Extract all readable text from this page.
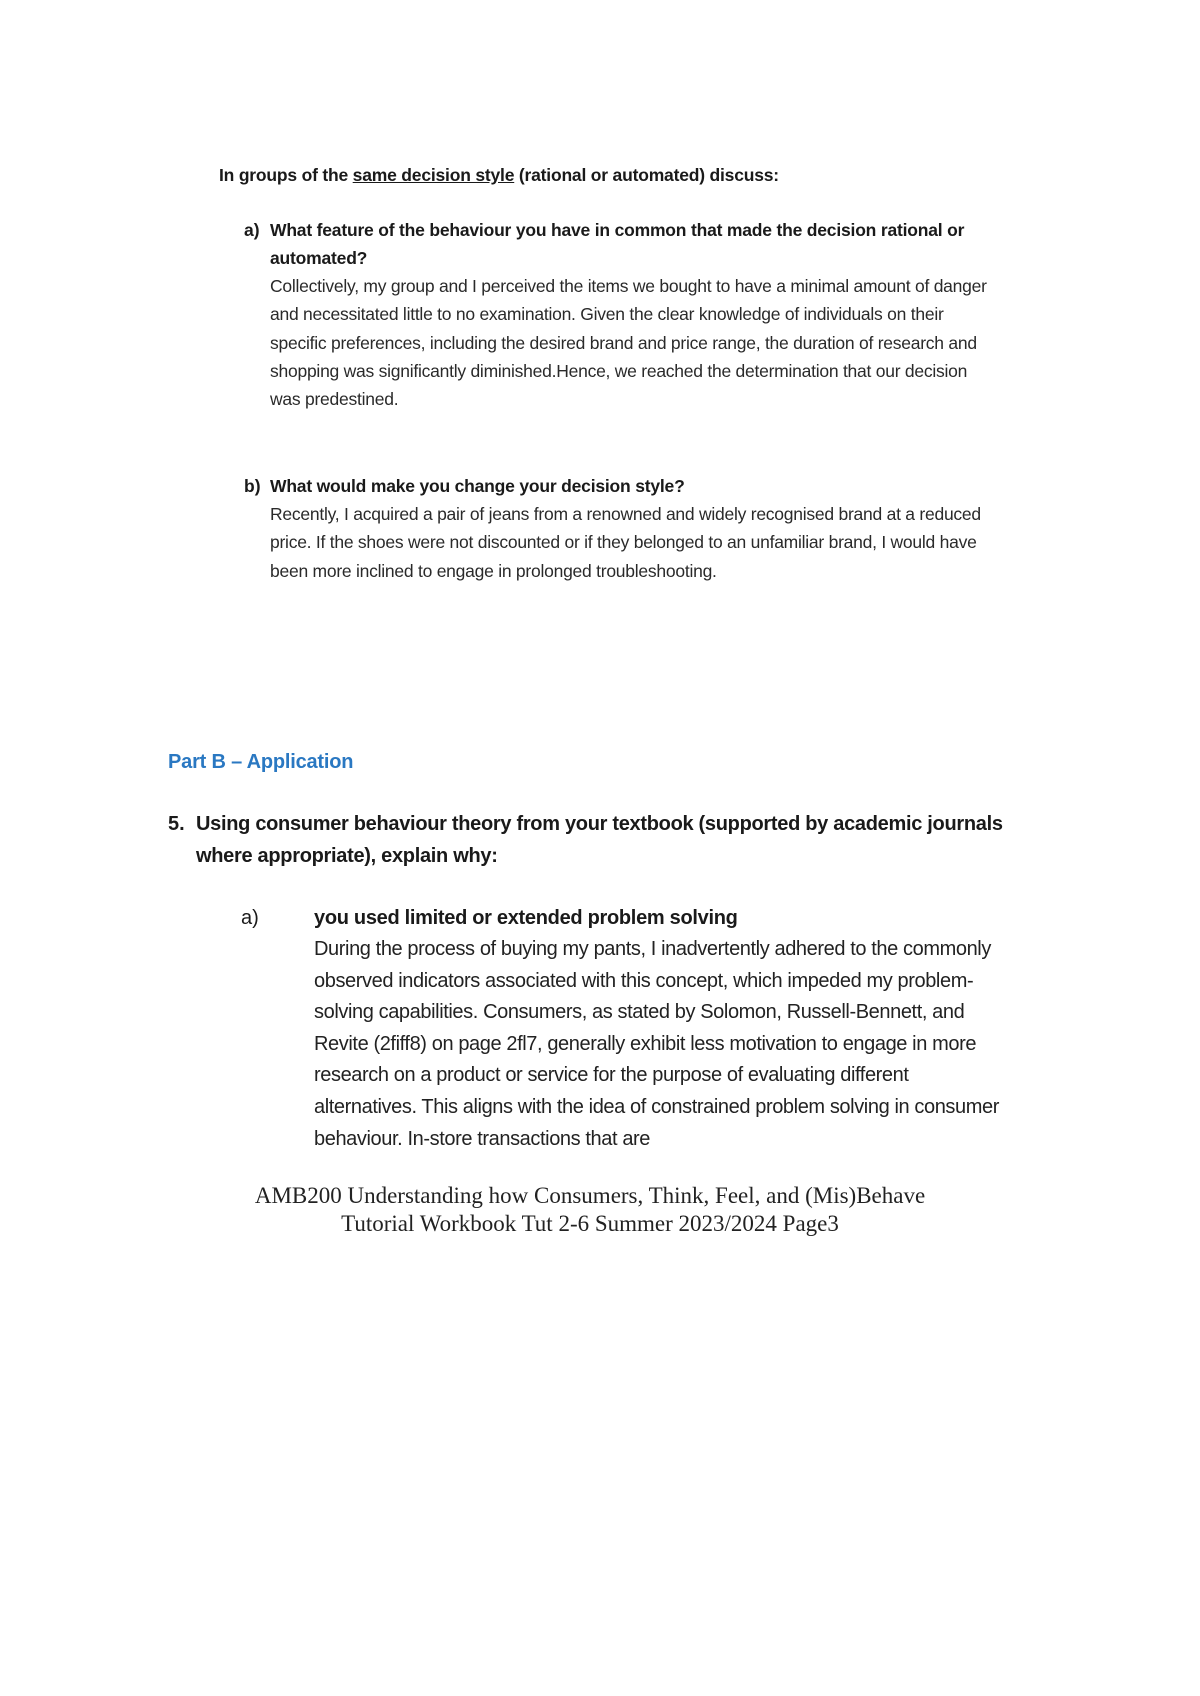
In groups of the same decision style (rational or automated) discuss:
a) What feature of the behaviour you have in common that made the decision rational or automated?
Collectively, my group and I perceived the items we bought to have a minimal amount of danger and necessitated little to no examination. Given the clear knowledge of individuals on their specific preferences, including the desired brand and price range, the duration of research and shopping was significantly diminished.Hence, we reached the determination that our decision was predestined.
b) What would make you change your decision style?
Recently, I acquired a pair of jeans from a renowned and widely recognised brand at a reduced price. If the shoes were not discounted or if they belonged to an unfamiliar brand, I would have been more inclined to engage in prolonged troubleshooting.
Part B – Application
5. Using consumer behaviour theory from your textbook (supported by academic journals where appropriate), explain why:
a)	you used limited or extended problem solving
During the process of buying my pants, I inadvertently adhered to the commonly observed indicators associated with this concept, which impeded my problem-solving capabilities. Consumers, as stated by Solomon, Russell-Bennett, and Revite (2fiff8) on page 2fl7, generally exhibit less motivation to engage in more research on a product or service for the purpose of evaluating different alternatives. This aligns with the idea of constrained problem solving in consumer behaviour. In-store transactions that are
AMB200 Understanding how Consumers, Think, Feel, and (Mis)Behave
Tutorial Workbook Tut 2-6 Summer 2023/2024 Page3
